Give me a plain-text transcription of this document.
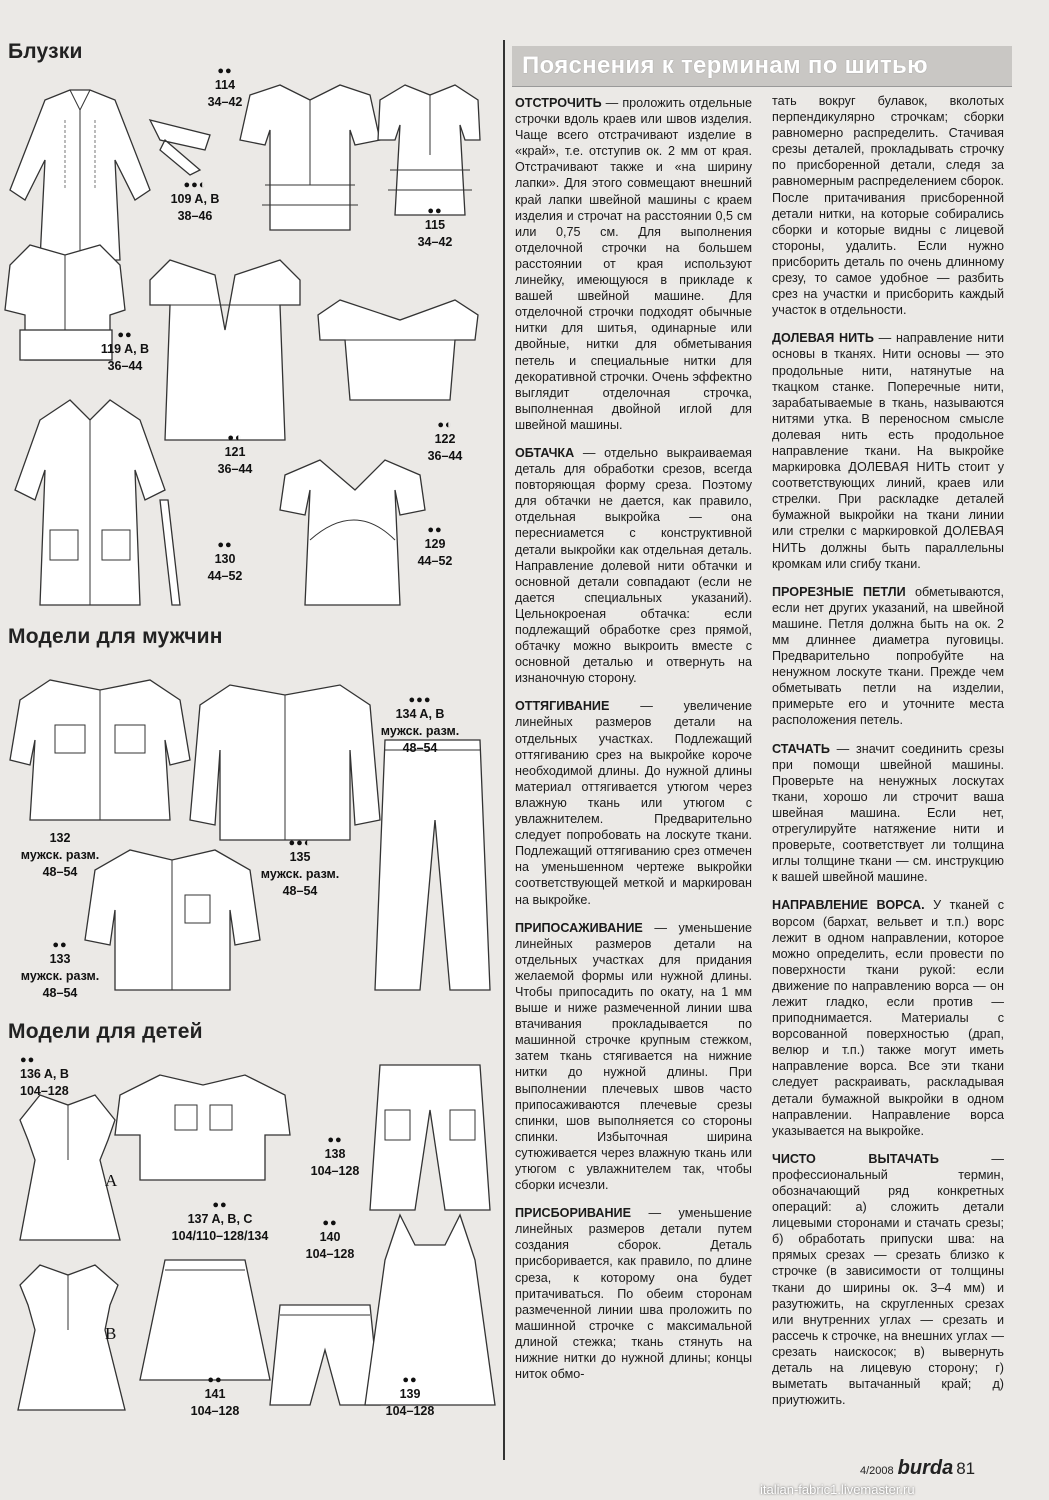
Блузки
Модели для мужчин
Модели для детей
●●
114
34–42
●●◐
109 A, B
38–46	●●
115
34–42
●●
119 A, B
36–44
●◐
121
36–44
●◐
122
36–44
●●
129
44–52
●●
130
44–52
●●●
134 A, B
мужск. разм.
48–54
132
мужск. разм.
48–54
●●◐
135
мужск. разм.
48–54
●●
133
мужск. разм.
48–54
●●
136 A, B
104–128
●●
137 A, B, C
104/110–128/134
●●
138
104–128
●●
140
104–128
●●
141
104–128
●●
139
104–128
A
B
Пояснения к терминам по шитью

ОТСТРОЧИТЬ — проложить отдельные строчки вдоль краев или швов изделия. Чаще всего отстрачивают изделие в «край», т.е. отступив ок. 2 мм от края. Отстрачивают также и «на ширину лапки». Для этого совмещают внешний край лапки швейной машины с краем изделия и строчат на расстоянии 0,5 см или 0,75 см. Для выполнения отделочной строчки на большем расстоянии от края используют линейку, имеющуюся в прикладе к вашей швейной машине. Для отделочной строчки подходят обычные нитки для шитья, одинарные или двойные, нитки для обметывания петель и специальные нитки для декоративной строчки. Очень эффектно выглядит отделочная строчка, выполненная двойной иглой для швейной машины.

ОБТАЧКА — отдельно выкраиваемая деталь для обработки срезов, всегда повторяющая форму среза. Поэтому для обтачки не дается, как правило, отдельная выкройка — она пересниамется с конструктивной детали выкройки как отдельная деталь. Направление долевой нити обтачки и основной детали совпадают (если не дается специальных указаний). Цельнокроеная обтачка: если подлежащий обработке срез прямой, обтачку можно выкроить вместе с основной деталью и отвернуть на изнаночную сторону.

ОТТЯГИВАНИЕ — увеличение линейных размеров детали на отдельных участках. Подлежащий оттягиванию срез на выкройке короче необходимой длины. До нужной длины материал оттягивается утюгом через влажную ткань или утюгом с увлажнителем. Предварительно следует попробовать на лоскуте ткани. Подлежащий оттягиванию срез отмечен на уменьшенном чертеже выкройки соответствующей меткой и маркирован на выкройке.

ПРИПОСАЖИВАНИЕ — уменьшение линейных размеров детали на отдельных участках для придания желаемой формы или нужной длины. Чтобы припосадить по окату, на 1 мм выше и ниже размеченной линии шва втачивания прокладывается по машинной строчке крупным стежком, затем ткань стягивается на нижние нитки до нужной длины. При выполнении плечевых швов часто припосаживаются плечевые срезы спинки, шов выполняется со стороны спинки. Избыточная ширина сутюживается через влажную ткань или утюгом с увлажнителем так, чтобы сборки исчезли.

ПРИСБОРИВАНИЕ — уменьшение линейных размеров детали путем создания сборок. Деталь присборивается, как правило, по длине среза, к которому она будет притачиваться. По обеим сторонам размеченной линии шва проложить по машинной строчке с максимальной длиной стежка; ткань стянуть на нижние нитки до нужной длины; концы ниток обмо-

тать вокруг булавок, вколотых перпендикулярно строчкам; сборки равномерно распределить. Стачивая срезы деталей, прокладывать строчку по присборенной детали, следя за равномерным распределением сборок. После притачивания присборенной детали нитки, на которые собирались сборки и которые видны с лицевой стороны, удалить. Если нужно присборить деталь по очень длинному срезу, то самое удобное — разбить срез на участки и присборить каждый участок в отдельности.

ДОЛЕВАЯ НИТЬ — направление нити основы в тканях. Нити основы — это продольные нити, натянутые на ткацком станке. Поперечные нити, зарабатываемые в ткань, называются нитями утка. В переносном смысле долевая нить есть продольное направление ткани. На выкройке маркировка ДОЛЕВАЯ НИТЬ стоит у соответствующих линий, краев или стрелки. При раскладке деталей бумажной выкройки на ткани линии или стрелки с маркировкой ДОЛЕВАЯ НИТЬ должны быть параллельны кромкам или сгибу ткани.

ПРОРЕЗНЫЕ ПЕТЛИ обметываются, если нет других указаний, на швейной машине. Петля должна быть на ок. 2 мм длиннее диаметра пуговицы. Предварительно попробуйте на ненужном лоскуте ткани. Прежде чем обметывать петли на изделии, примерьте его и уточните места расположения петель.

СТАЧАТЬ — значит соединить срезы при помощи швейной машины. Проверьте на ненужных лоскутах ткани, хорошо ли строчит ваша швейная машина. Если нет, отрегулируйте натяжение нити и проверьте, соответствует ли толщина иглы толщине ткани — см. инструкцию к вашей швейной машине.

НАПРАВЛЕНИЕ ВОРСА. У тканей с ворсом (бархат, вельвет и т.п.) ворс лежит в одном направлении, которое можно определить, если провести по поверхности ткани рукой: если движение по направлению ворса — он лежит гладко, если против — приподнимается. Материалы с ворсованной поверхностью (драп, велюр и т.п.) также могут иметь направление ворса. Все эти ткани следует раскраивать, раскладывая детали бумажной выкройки в одном направлении. Направление ворса указывается на выкройке.

ЧИСТО ВЫТАЧАТЬ — профессиональный термин, обозначающий ряд конкретных операций: а) сложить детали лицевыми сторонами и стачать срезы; б) обработать припуски шва: на прямых срезах — срезать близко к строчке (в зависимости от толщины ткани до ширины ок. 3–4 мм) и разутюжить, на скругленных срезах или внутренних углах — срезать и рассечь к строчке, на внешних углах — срезать наискосок; в) вывернуть деталь на лицевую сторону; г) выметать вытачанный край; д) приутюжить.

4/2008 burda 81
italian-fabric1.livemaster.ru
